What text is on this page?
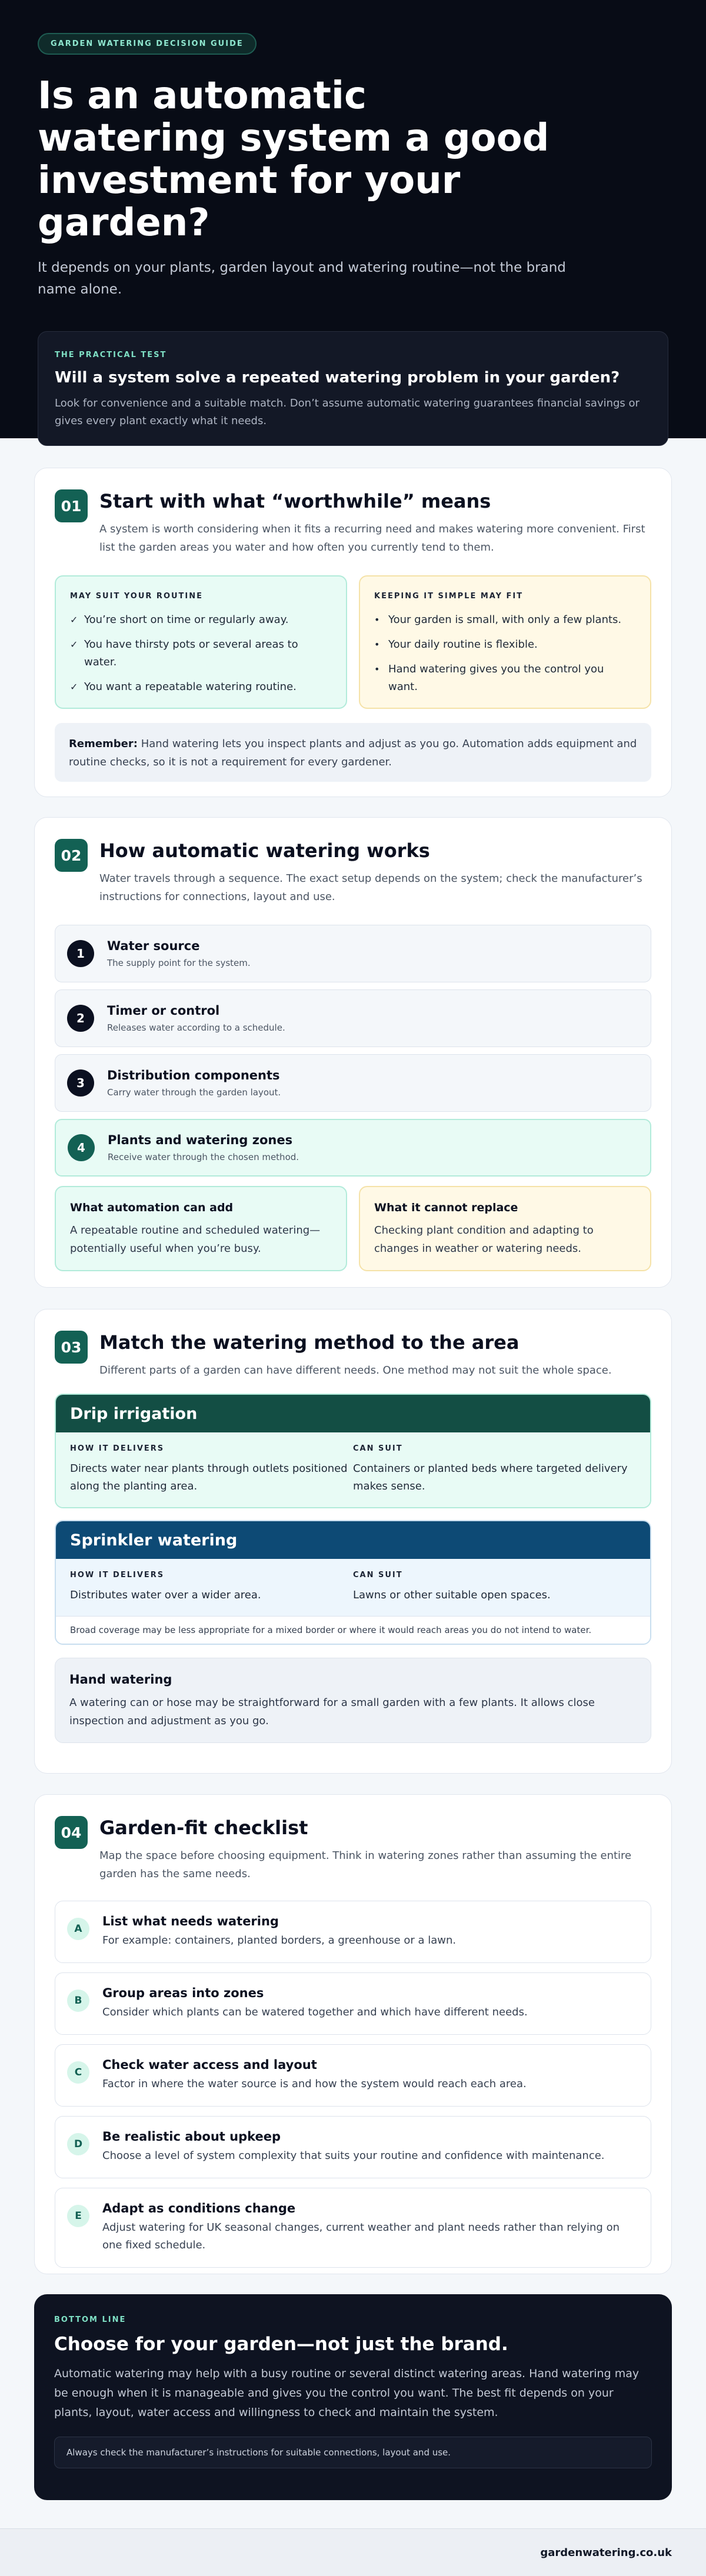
GARDEN WATERING DECISION GUIDE
Is an automatic watering system a good investment for your garden?

It depends on your plants, garden layout and watering routine—not the brand name alone.

THE PRACTICAL TEST
Will a system solve a repeated watering problem in your garden?
Look for convenience and a suitable match. Don’t assume automatic watering guarantees financial savings or gives every plant exactly what it needs.
01 Start with what “worthwhile” means

A system is worth considering when it fits a recurring need and makes watering more convenient. First list the garden areas you water and how often you currently tend to them.

MAY SUIT YOUR ROUTINE
✓ You’re short on time or regularly away.
✓ You have thirsty pots or several areas to water.
✓ You want a repeatable watering routine.
KEEPING IT SIMPLE MAY FIT
• Your garden is small, with only a few plants.
• Your daily routine is flexible.
• Hand watering gives you the control you want.
Remember: Hand watering lets you inspect plants and adjust as you go. Automation adds equipment and routine checks, so it is not a requirement for every gardener.
02 How automatic watering works

Water travels through a sequence. The exact setup depends on the system; check the manufacturer’s instructions for connections, layout and use.

1
Water source
The supply point for the system.
2
Timer or control
Releases water according to a schedule.
3
Distribution components
Carry water through the garden layout.
4
Plants and watering zones
Receive water through the chosen method.
What automation can add
A repeatable routine and scheduled watering—potentially useful when you’re busy.
What it cannot replace
Checking plant condition and adapting to changes in weather or watering needs.
03 Match the watering method to the area

Different parts of a garden can have different needs. One method may not suit the whole space.

Drip irrigation
HOW IT DELIVERS
Directs water near plants through outlets positioned along the planting area.
CAN SUIT
Containers or planted beds where targeted delivery makes sense.
Sprinkler watering
HOW IT DELIVERS
Distributes water over a wider area.
CAN SUIT
Lawns or other suitable open spaces.
Broad coverage may be less appropriate for a mixed border or where it would reach areas you do not intend to water.
Hand watering
A watering can or hose may be straightforward for a small garden with a few plants. It allows close inspection and adjustment as you go.
04 Garden-fit checklist

Map the space before choosing equipment. Think in watering zones rather than assuming the entire garden has the same needs.

A
List what needs watering
For example: containers, planted borders, a greenhouse or a lawn.
B
Group areas into zones
Consider which plants can be watered together and which have different needs.
C
Check water access and layout
Factor in where the water source is and how the system would reach each area.
D
Be realistic about upkeep
Choose a level of system complexity that suits your routine and confidence with maintenance.
E
Adapt as conditions change
Adjust watering for UK seasonal changes, current weather and plant needs rather than relying on one fixed schedule.
BOTTOM LINE
Choose for your garden—not just the brand.
Automatic watering may help with a busy routine or several distinct watering areas. Hand watering may be enough when it is manageable and gives you the control you want. The best fit depends on your plants, layout, water access and willingness to check and maintain the system.
Always check the manufacturer’s instructions for suitable connections, layout and use.
gardenwatering.co.uk
